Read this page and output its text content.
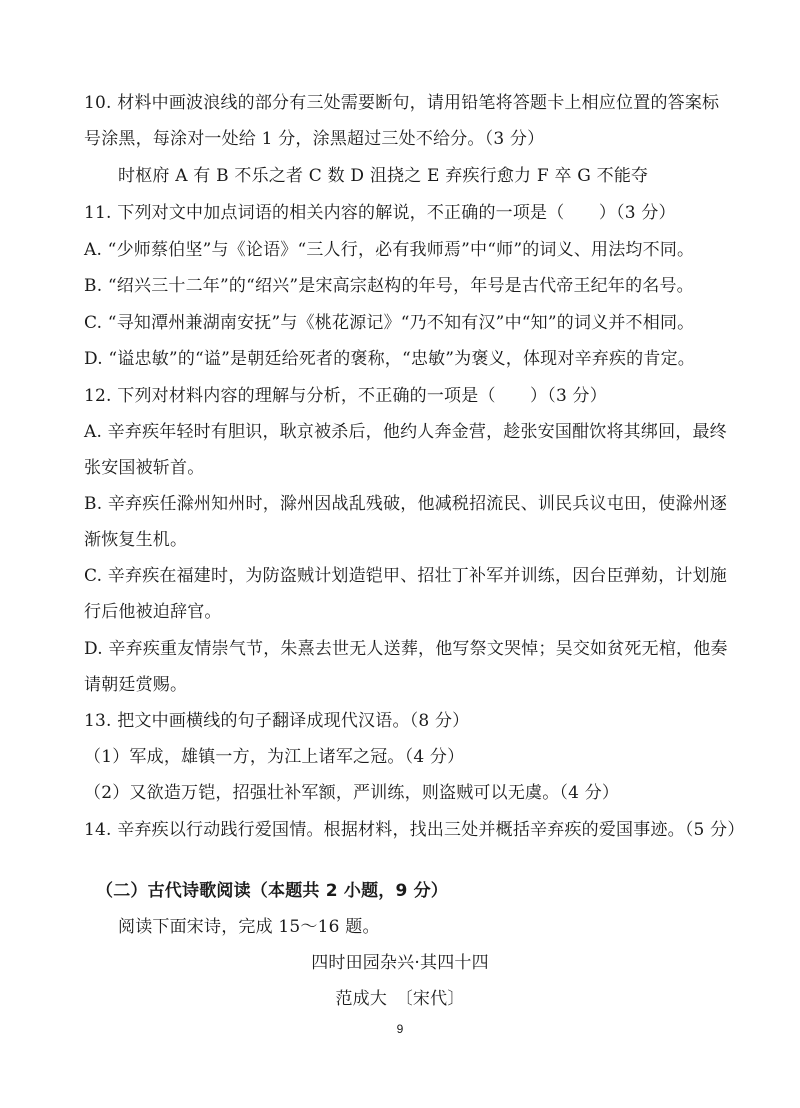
10. 材料中画波浪线的部分有三处需要断句，请用铅笔将答题卡上相应位置的答案标
号涂黑，每涂对一处给 1 分，涂黑超过三处不给分。（3 分）
时枢府 A 有 B 不乐之者 C 数 D 沮挠之 E 弃疾行愈力 F 卒 G 不能夺
11. 下列对文中加点词语的相关内容的解说，不正确的一项是（　　）（3 分）
A. “少师蔡伯坚”与《论语》“三人行，必有我师焉”中“师”的词义、用法均不同。
B. “绍兴三十二年”的“绍兴”是宋高宗赵构的年号，年号是古代帝王纪年的名号。
C. “寻知潭州兼湖南安抚”与《桃花源记》“乃不知有汉”中“知”的词义并不相同。
D. “谥忠敏”的“谥”是朝廷给死者的褒称，“忠敏”为褒义，体现对辛弃疾的肯定。
12. 下列对材料内容的理解与分析，不正确的一项是（　　）（3 分）
A. 辛弃疾年轻时有胆识，耿京被杀后，他约人奔金营，趁张安国酣饮将其绑回，最终
张安国被斩首。
B. 辛弃疾任滁州知州时，滁州因战乱残破，他减税招流民、训民兵议屯田，使滁州逐
渐恢复生机。
C. 辛弃疾在福建时，为防盗贼计划造铠甲、招壮丁补军并训练，因台臣弹劾，计划施
行后他被迫辞官。
D. 辛弃疾重友情崇气节，朱熹去世无人送葬，他写祭文哭悼；吴交如贫死无棺，他奏
请朝廷赏赐。
13. 把文中画横线的句子翻译成现代汉语。（8 分）
（1）军成，雄镇一方，为江上诸军之冠。（4 分）
（2）又欲造万铠，招强壮补军额，严训练，则盗贼可以无虞。（4 分）
14. 辛弃疾以行动践行爱国情。根据材料，找出三处并概括辛弃疾的爱国事迹。（5 分）
（二）古代诗歌阅读（本题共 2 小题，9 分）
阅读下面宋诗，完成 15～16 题。
四时田园杂兴·其四十四
范成大　〔宋代〕
9
